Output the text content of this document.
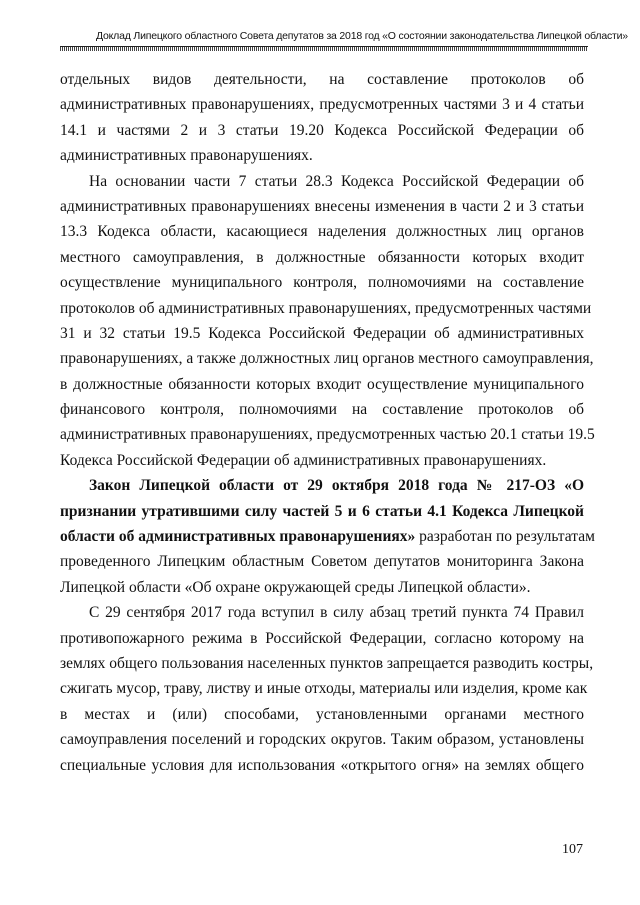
Доклад Липецкого областного Совета депутатов за 2018 год «О состоянии законодательства Липецкой области»
отдельных видов деятельности, на составление протоколов об
административных правонарушениях, предусмотренных частями 3 и 4 статьи
14.1 и частями 2 и 3 статьи 19.20 Кодекса Российской Федерации об
административных правонарушениях.
На основании части 7 статьи 28.3 Кодекса Российской Федерации об
административных правонарушениях внесены изменения в части 2 и 3 статьи
13.3 Кодекса области, касающиеся наделения должностных лиц органов
местного самоуправления, в должностные обязанности которых входит
осуществление муниципального контроля, полномочиями на составление
протоколов об административных правонарушениях, предусмотренных частями
31 и 32 статьи 19.5 Кодекса Российской Федерации об административных
правонарушениях, а также должностных лиц органов местного самоуправления,
в должностные обязанности которых входит осуществление муниципального
финансового контроля, полномочиями на составление протоколов об
административных правонарушениях, предусмотренных частью 20.1 статьи 19.5
Кодекса Российской Федерации об административных правонарушениях.
Закон Липецкой области от 29 октября 2018 года № 217-ОЗ «О
признании утратившими силу частей 5 и 6 статьи 4.1 Кодекса Липецкой
области об административных правонарушениях» разработан по результатам
проведенного Липецким областным Советом депутатов мониторинга Закона
Липецкой области «Об охране окружающей среды Липецкой области».
С 29 сентября 2017 года вступил в силу абзац третий пункта 74 Правил
противопожарного режима в Российской Федерации, согласно которому на
землях общего пользования населенных пунктов запрещается разводить костры,
сжигать мусор, траву, листву и иные отходы, материалы или изделия, кроме как
в местах и (или) способами, установленными органами местного
самоуправления поселений и городских округов. Таким образом, установлены
специальные условия для использования «открытого огня» на землях общего
107
